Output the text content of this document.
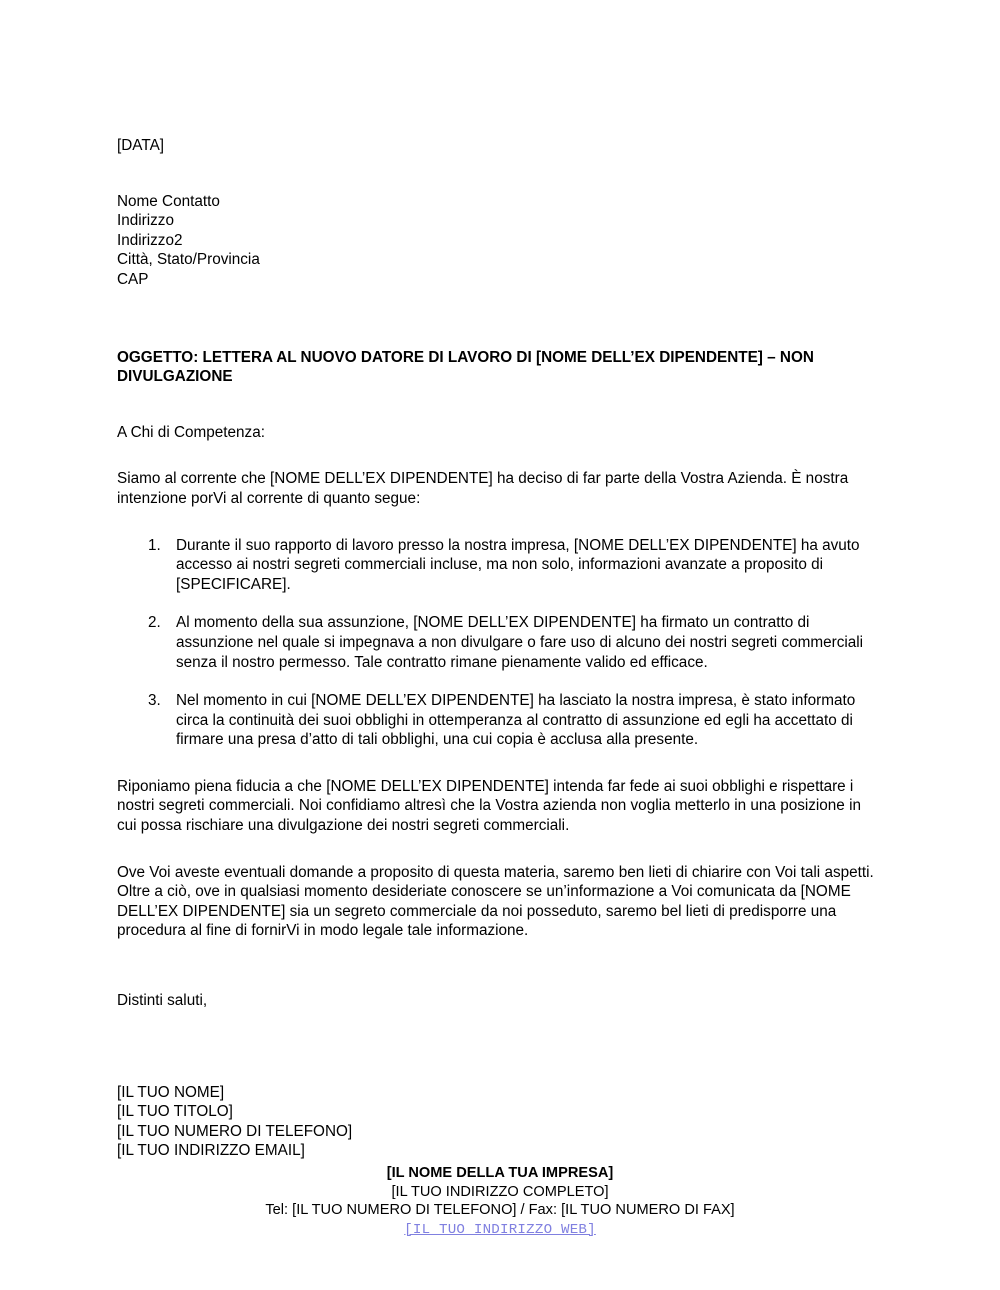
[DATA]
Nome Contatto
Indirizzo
Indirizzo2
Città, Stato/Provincia
CAP

OGGETTO: LETTERA AL NUOVO DATORE DI LAVORO DI [NOME DELL’EX DIPENDENTE] – NON DIVULGAZIONE

A Chi di Competenza:

Siamo al corrente che [NOME DELL’EX DIPENDENTE] ha deciso di far parte della Vostra Azienda. È nostra intenzione porVi al corrente di quanto segue:

Durante il suo rapporto di lavoro presso la nostra impresa, [NOME DELL’EX DIPENDENTE] ha avuto accesso ai nostri segreti commerciali incluse, ma non solo, informazioni avanzate a proposito di [SPECIFICARE].
Al momento della sua assunzione, [NOME DELL’EX DIPENDENTE] ha firmato un contratto di assunzione nel quale si impegnava a non divulgare o fare uso di alcuno dei nostri segreti commerciali senza il nostro permesso. Tale contratto rimane pienamente valido ed efficace.
Nel momento in cui [NOME DELL’EX DIPENDENTE] ha lasciato la nostra impresa, è stato informato circa la continuità dei suoi obblighi in ottemperanza al contratto di assunzione ed egli ha accettato di firmare una presa d’atto di tali obblighi, una cui copia è acclusa alla presente.

Riponiamo piena fiducia a che [NOME DELL’EX DIPENDENTE] intenda far fede ai suoi obblighi e rispettare i nostri segreti commerciali. Noi confidiamo altresì che la Vostra azienda non voglia metterlo in una posizione in cui possa rischiare una divulgazione dei nostri segreti commerciali.

Ove Voi aveste eventuali domande a proposito di questa materia, saremo ben lieti di chiarire con Voi tali aspetti. Oltre a ciò, ove in qualsiasi momento desideriate conoscere se un’informazione a Voi comunicata da [NOME DELL’EX DIPENDENTE] sia un segreto commerciale da noi posseduto, saremo bel lieti di predisporre una procedura al fine di fornirVi in modo legale tale informazione.

Distinti saluti,

[IL TUO NOME]
[IL TUO TITOLO]
[IL TUO NUMERO DI TELEFONO]
[IL TUO INDIRIZZO EMAIL]
[IL NOME DELLA TUA IMPRESA]
[IL TUO INDIRIZZO COMPLETO]
Tel: [IL TUO NUMERO DI TELEFONO] / Fax: [IL TUO NUMERO DI FAX]
[IL TUO INDIRIZZO WEB]
